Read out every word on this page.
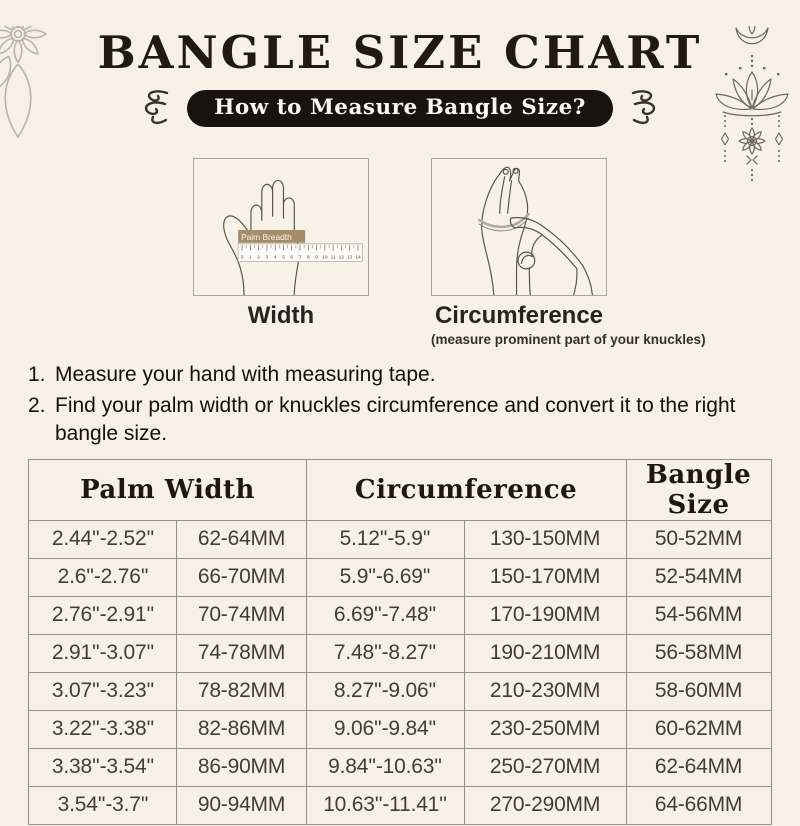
BANGLE SIZE CHART
How to Measure Bangle Size?
0 1 2 3 4 5 6 7 8 9 10 11 12 13 14
Palm Breadth
Width	Circumference
(measure prominent part of your knuckles)
1. Measure your hand with measuring tape.
2. Find your palm width or knuckles circumference and convert it to the right bangle size.
Palm Width		Circumference		Bangle Size
2.44''-2.52''	62-64MM	5.12''-5.9''	130-150MM	50-52MM
2.6''-2.76''	66-70MM	5.9''-6.69''	150-170MM	52-54MM
2.76''-2.91''	70-74MM	6.69''-7.48''	170-190MM	54-56MM
2.91''-3.07''	74-78MM	7.48''-8.27''	190-210MM	56-58MM
3.07''-3.23''	78-82MM	8.27''-9.06''	210-230MM	58-60MM
3.22''-3.38''	82-86MM	9.06''-9.84''	230-250MM	60-62MM
3.38''-3.54''	86-90MM	9.84''-10.63''	250-270MM	62-64MM
3.54''-3.7''	90-94MM	10.63''-11.41''	270-290MM	64-66MM
